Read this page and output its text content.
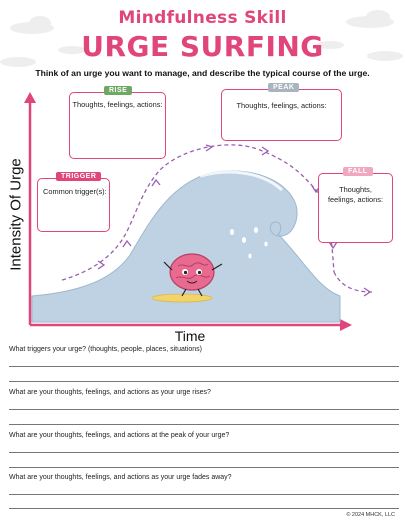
Mindfulness Skill
URGE SURFING
Think of an urge you want to manage, and describe the typical course of the urge.
RISE
Thoughts, feelings, actions:
PEAK
Thoughts, feelings, actions:
TRIGGER
Common trigger(s):
FALL
Thoughts, feelings, actions:
Intensity Of Urge
Time
What triggers your urge? (thoughts, people, places, situations)
What are your thoughts, feelings, and actions as your urge rises?
What are your thoughts, feelings, and actions at the peak of your urge?
What are your thoughts, feelings, and actions as your urge fades away?
© 2024 MHCK, LLC
